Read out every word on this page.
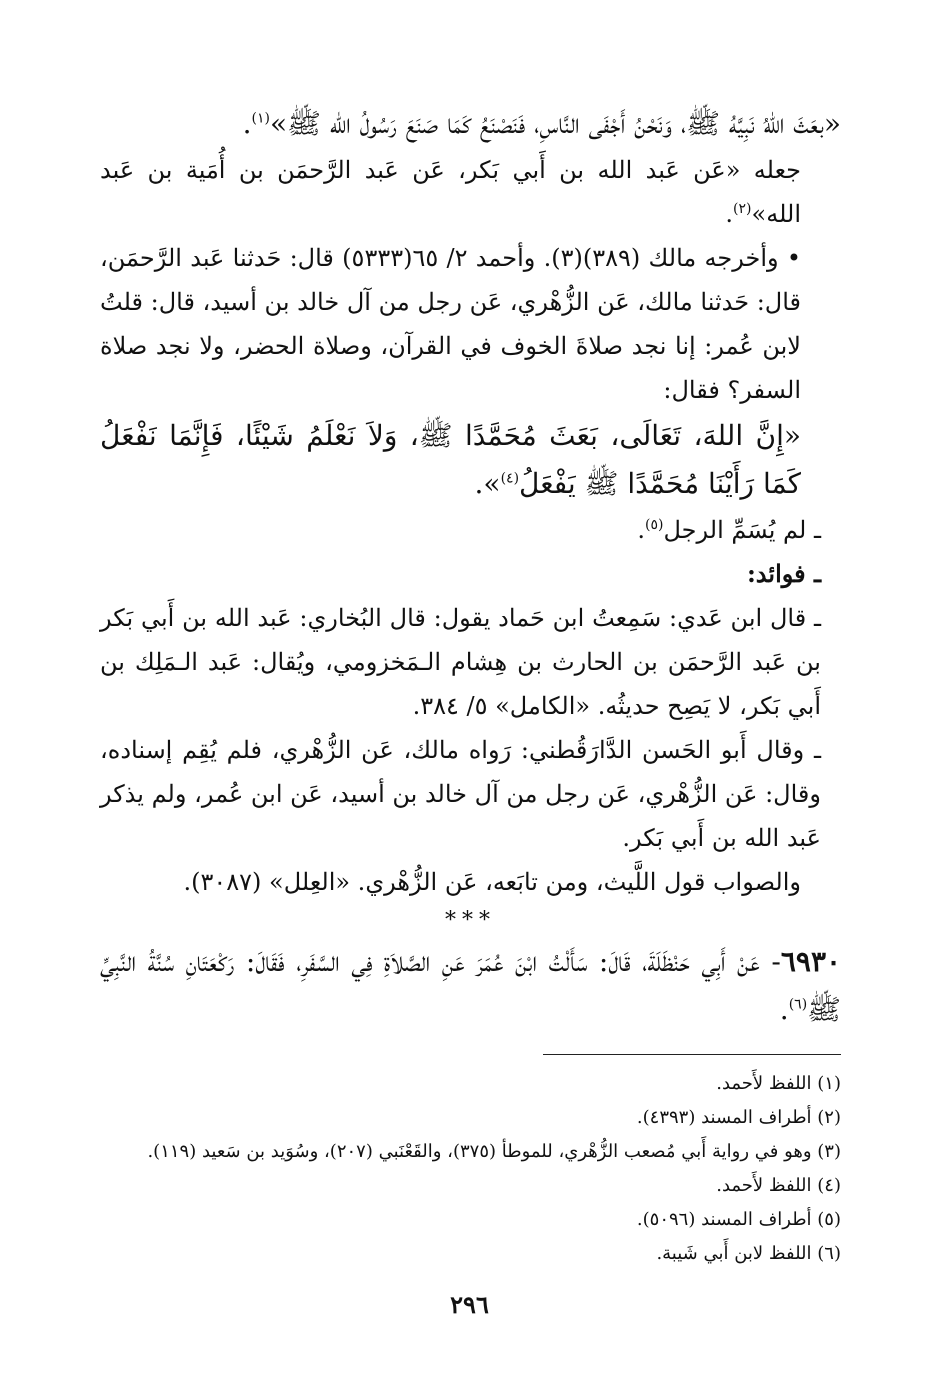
«بعَثَ اللهُ نَبِيَّهُ ﷺ، وَنَحْنُ أَجْفَى النَّاسِ، فَنَصْنَعُ كَمَا صَنَعَ رَسُولُ الله ﷺ»$^{(١)}$.

جعله «عَن عَبد الله بن أَبي بَكر، عَن عَبد الرَّحمَن بن أُمَية بن عَبد الله»$^{(٢)}$.

• وأخرجه مالك (٣٨٩)(٣). وأحمد ٢/ ٦٥(٥٣٣٣) قال: حَدثنا عَبد الرَّحمَن، قال: حَدثنا مالك، عَن الزُّهْري، عَن رجل من آل خالد بن أسيد، قال: قلتُ لابن عُمر: إنا نجد صلاةَ الخوف في القرآن، وصلاة الحضر، ولا نجد صلاة السفر؟ فقال:

«إِنَّ اللهَ، تَعَالَى، بَعَثَ مُحَمَّدًا ﷺ، وَلاَ نَعْلَمُ شَيْئًا، فَإِنَّمَا نَفْعَلُ كَمَا رَأَيْنَا مُحَمَّدًا ﷺ يَفْعَلُ$^{(٤)}$».

ـ لم يُسَمِّ الرجل$^{(٥)}$.

ـ فوائد:

ـ قال ابن عَدي: سَمِعتُ ابن حَماد يقول: قال البُخاري: عَبد الله بن أَبي بَكر بن عَبد الرَّحمَن بن الحارث بن هِشام الـمَخزومي، ويُقال: عَبد الـمَلِك بن أَبي بَكر، لا يَصِح حديثُه. «الكامل» ٥/ ٣٨٤.

ـ وقال أَبو الحَسن الدَّارَقُطني: رَواه مالك، عَن الزُّهْري، فلم يُقِم إسناده، وقال: عَن الزُّهْري، عَن رجل من آل خالد بن أسيد، عَن ابن عُمر، ولم يذكر عَبد الله بن أَبي بَكر.

والصواب قول اللَّيث، ومن تابَعه، عَن الزُّهْري. «العِلل» (٣٠٨٧).

***

٦٩٣٠- عَنْ أَبِي حَنْظَلَةَ، قَالَ: سَأَلْتُ ابْنَ عُمَرَ عَنِ الصَّلاَةِ فِي السَّفَرِ، فَقَالَ: رَكْعَتَانِ سُنَّةُ النَّبِيِّ ﷺ$^{(٦)}$.

(١) اللفظ لأَحمد.
(٢) أطراف المسند (٤٣٩٣).
(٣) وهو في رواية أَبي مُصعب الزُّهْري، للموطأ (٣٧٥)، والقَعْنَبي (٢٠٧)، وسُوَيد بن سَعيد (١١٩).
(٤) اللفظ لأَحمد.
(٥) أطراف المسند (٥٠٩٦).
(٦) اللفظ لابن أَبي شَيبة.
٢٩٦
